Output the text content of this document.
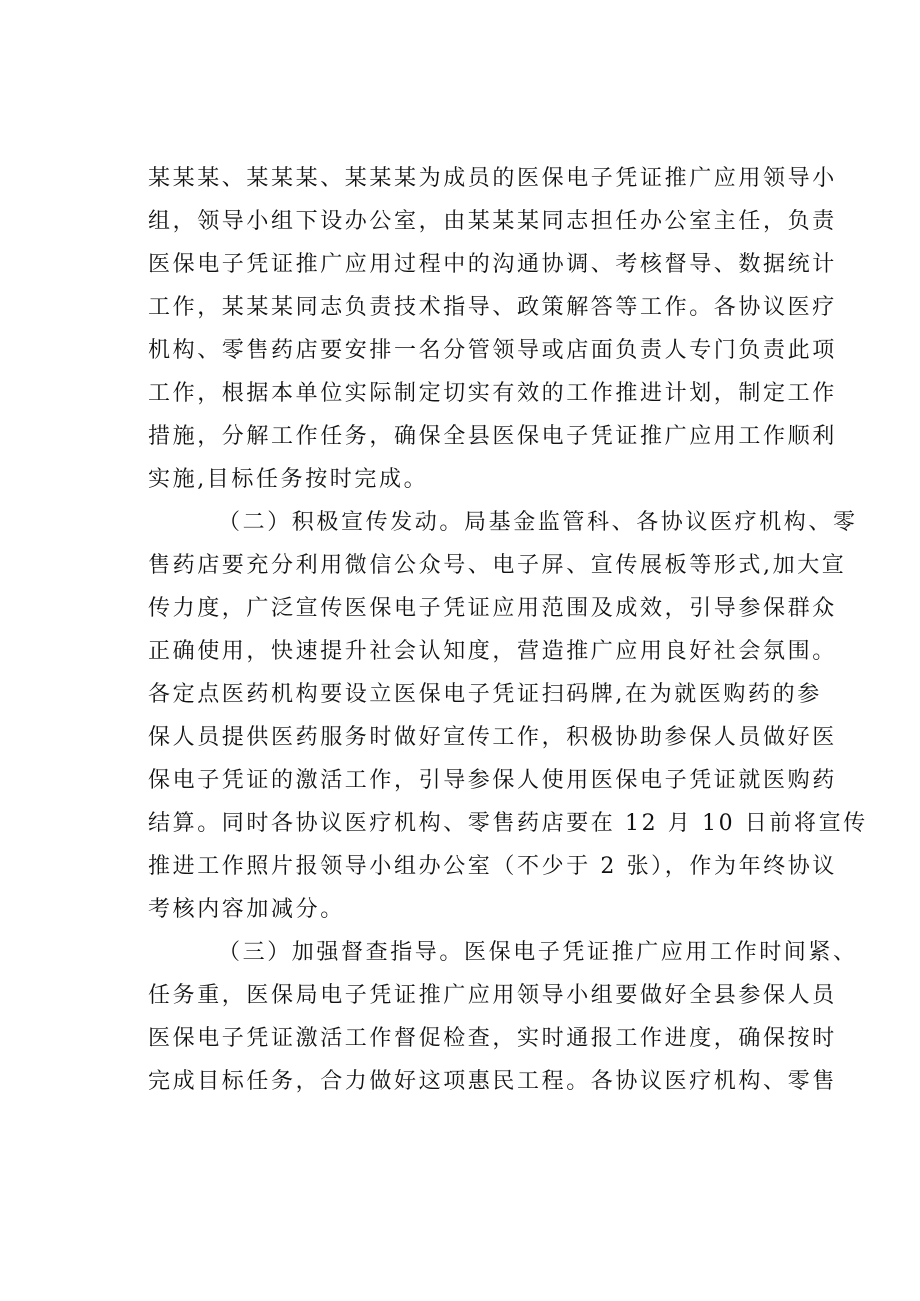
某某某、某某某、某某某为成员的医保电子凭证推广应用领导小
组，领导小组下设办公室，由某某某同志担任办公室主任，负责
医保电子凭证推广应用过程中的沟通协调、考核督导、数据统计
工作，某某某同志负责技术指导、政策解答等工作。各协议医疗
机构、零售药店要安排一名分管领导或店面负责人专门负责此项
工作，根据本单位实际制定切实有效的工作推进计划，制定工作
措施，分解工作任务，确保全县医保电子凭证推广应用工作顺利
实施,目标任务按时完成。
（二）积极宣传发动。局基金监管科、各协议医疗机构、零
售药店要充分利用微信公众号、电子屏、宣传展板等形式,加大宣
传力度，广泛宣传医保电子凭证应用范围及成效，引导参保群众
正确使用，快速提升社会认知度，营造推广应用良好社会氛围。
各定点医药机构要设立医保电子凭证扫码牌,在为就医购药的参
保人员提供医药服务时做好宣传工作，积极协助参保人员做好医
保电子凭证的激活工作，引导参保人使用医保电子凭证就医购药
结算。同时各协议医疗机构、零售药店要在 12 月 10 日前将宣传
推进工作照片报领导小组办公室（不少于 2 张），作为年终协议
考核内容加减分。
（三）加强督查指导。医保电子凭证推广应用工作时间紧、
任务重，医保局电子凭证推广应用领导小组要做好全县参保人员
医保电子凭证激活工作督促检查，实时通报工作进度，确保按时
完成目标任务，合力做好这项惠民工程。各协议医疗机构、零售
